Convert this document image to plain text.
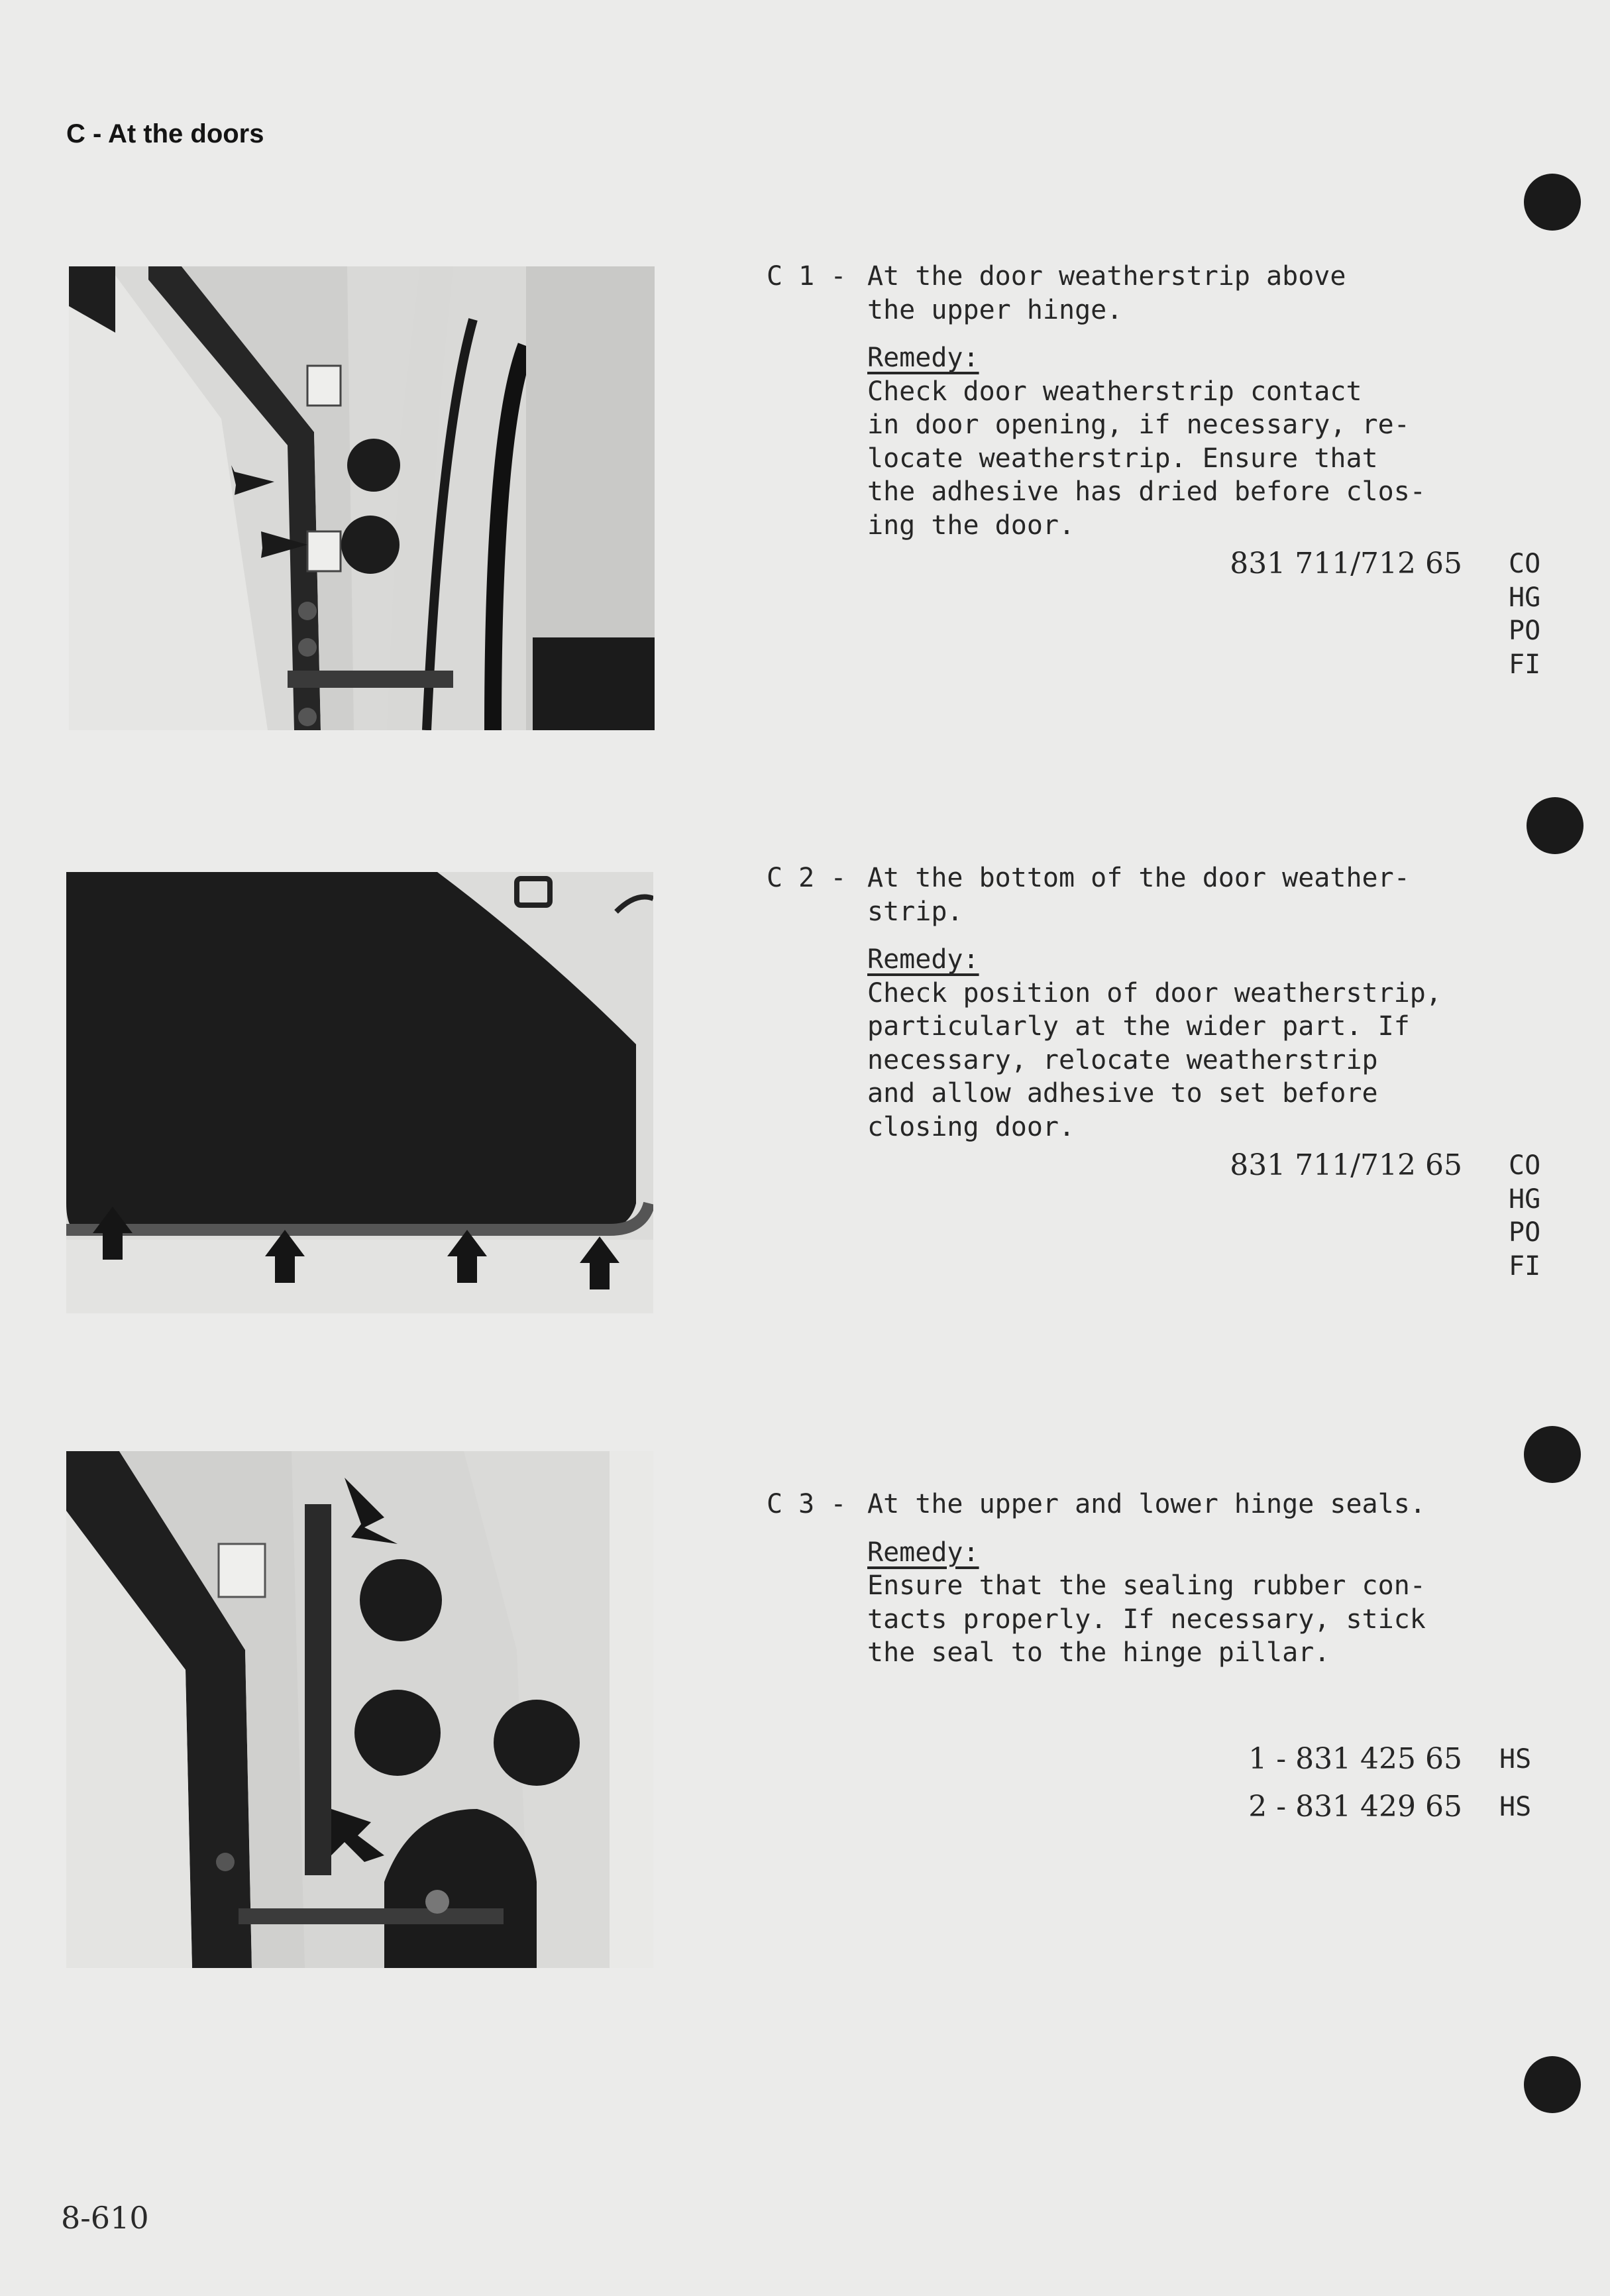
C - At the doors
C 1 - At the door weatherstrip above
the upper hinge.
Remedy:
Check door weatherstrip contact
in door opening, if necessary, re-
locate weatherstrip. Ensure that
the adhesive has dried before clos-
ing the door.
831 711/712 65 CO
HG
PO
FI
C 2 - At the bottom of the door weather-
strip.
Remedy:
Check position of door weatherstrip,
particularly at the wider part. If
necessary, relocate weatherstrip
and allow adhesive to set before
closing door.
831 711/712 65 CO
HG
PO
FI
C 3 - At the upper and lower hinge seals.
Remedy:
Ensure that the sealing rubber con-
tacts properly. If necessary, stick
the seal to the hinge pillar.
1 - 831 425 65 HS
2 - 831 429 65 HS
8-610
